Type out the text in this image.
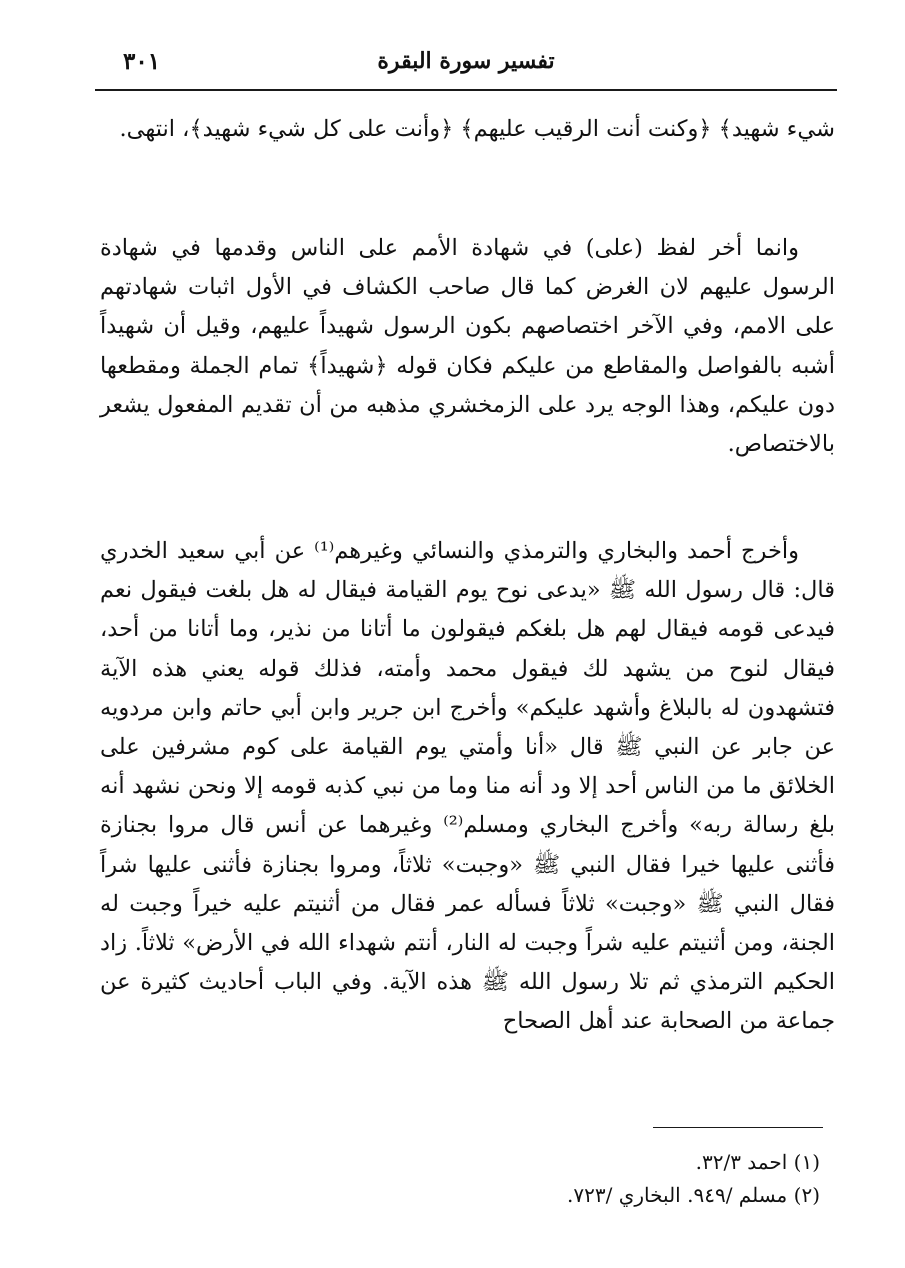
تفسير سورة البقرة
٣٠١

شيء شهيد﴾ ﴿وكنت أنت الرقيب عليهم﴾ ﴿وأنت على كل شيء شهيد﴾، انتهى.

وانما أخر لفظ (على) في شهادة الأمم على الناس وقدمها في شهادة الرسول عليهم لان الغرض كما قال صاحب الكشاف في الأول اثبات شهادتهم على الامم، وفي الآخر اختصاصهم بكون الرسول شهيداً عليهم، وقيل أن شهيداً أشبه بالفواصل والمقاطع من عليكم فكان قوله ﴿شهيداً﴾ تمام الجملة ومقطعها دون عليكم، وهذا الوجه يرد على الزمخشري مذهبه من أن تقديم المفعول يشعر بالاختصاص.

وأخرج أحمد والبخاري والترمذي والنسائي وغيرهم⁽¹⁾ عن أبي سعيد الخدري قال: قال رسول الله ﷺ «يدعى نوح يوم القيامة فيقال له هل بلغت فيقول نعم فيدعى قومه فيقال لهم هل بلغكم فيقولون ما أتانا من نذير، وما أتانا من أحد، فيقال لنوح من يشهد لك فيقول محمد وأمته، فذلك قوله يعني هذه الآية فتشهدون له بالبلاغ وأشهد عليكم» وأخرج ابن جرير وابن أبي حاتم وابن مردويه عن جابر عن النبي ﷺ قال «أنا وأمتي يوم القيامة على كوم مشرفين على الخلائق ما من الناس أحد إلا ود أنه منا وما من نبي كذبه قومه إلا ونحن نشهد أنه بلغ رسالة ربه» وأخرج البخاري ومسلم⁽²⁾ وغيرهما عن أنس قال مروا بجنازة فأثنى عليها خيرا فقال النبي ﷺ «وجبت» ثلاثاً، ومروا بجنازة فأثنى عليها شراً فقال النبي ﷺ «وجبت» ثلاثاً فسأله عمر فقال من أثنيتم عليه خيراً وجبت له الجنة، ومن أثنيتم عليه شراً وجبت له النار، أنتم شهداء الله في الأرض» ثلاثاً. زاد الحكيم الترمذي ثم تلا رسول الله ﷺ هذه الآية. وفي الباب أحاديث كثيرة عن جماعة من الصحابة عند أهل الصحاح

(١) احمد ٣٢/٣.
(٢) مسلم /٩٤٩. البخاري /٧٢٣.
